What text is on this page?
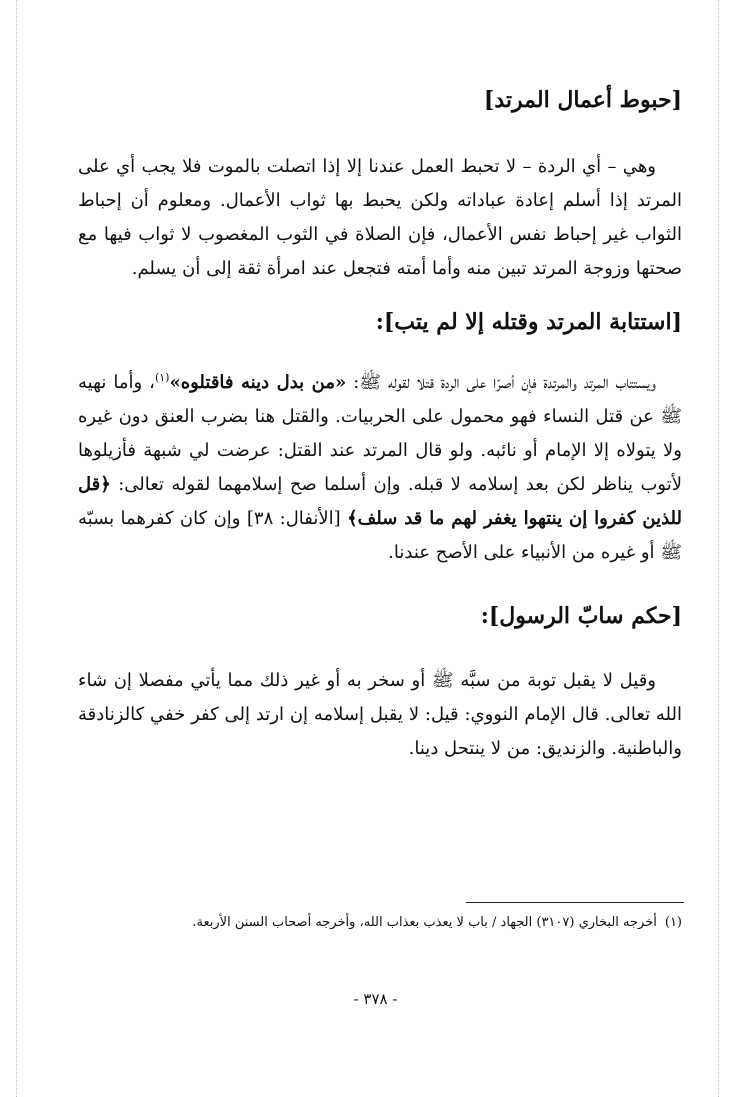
[حبوط أعمال المرتد]

وهي – أي الردة – لا تحبط العمل عندنا إلا إذا اتصلت بالموت فلا يجب أي على المرتد إذا أسلم إعادة عباداته ولكن يحبط بها ثواب الأعمال. ومعلوم أن إحباط الثواب غير إحباط نفس الأعمال، فإن الصلاة في الثوب المغصوب لا ثواب فيها مع صحتها وزوجة المرتد تبين منه وأما أمته فتجعل عند امرأة ثقة إلى أن يسلم.

[استتابة المرتد وقتله إلا لم يتب]:

ويستتاب المرتد والمرتدة فإن أصرّا على الردة قتلا لقوله ﷺ: «من بدل دينه فاقتلوه»$^{(١)}$، وأما نهيه ﷺ عن قتل النساء فهو محمول على الحربيات. والقتل هنا بضرب العنق دون غيره ولا يتولاه إلا الإمام أو نائبه. ولو قال المرتد عند القتل: عرضت لي شبهة فأزيلوها لأتوب يناظر لكن بعد إسلامه لا قبله. وإن أسلما صح إسلامهما لقوله تعالى: ﴿قل للذين كفروا إن ينتهوا يغفر لهم ما قد سلف﴾ [الأنفال: ٣٨] وإن كان كفرهما بسبّه ﷺ أو غيره من الأنبياء على الأصح عندنا.

[حكم سابّ الرسول]:

وقيل لا يقبل توبة من سبَّه ﷺ أو سخر به أو غير ذلك مما يأتي مفصلا إن شاء الله تعالى. قال الإمام النووي: قيل: لا يقبل إسلامه إن ارتد إلى كفر خفي كالزنادقة والباطنية. والزنديق: من لا ينتحل دينا.

(١)أخرجه البخاري (٣١٠٧) الجهاد / باب لا يعذب بعذاب الله، وأخرجه أصحاب السنن الأربعة.
- ٣٧٨ -
